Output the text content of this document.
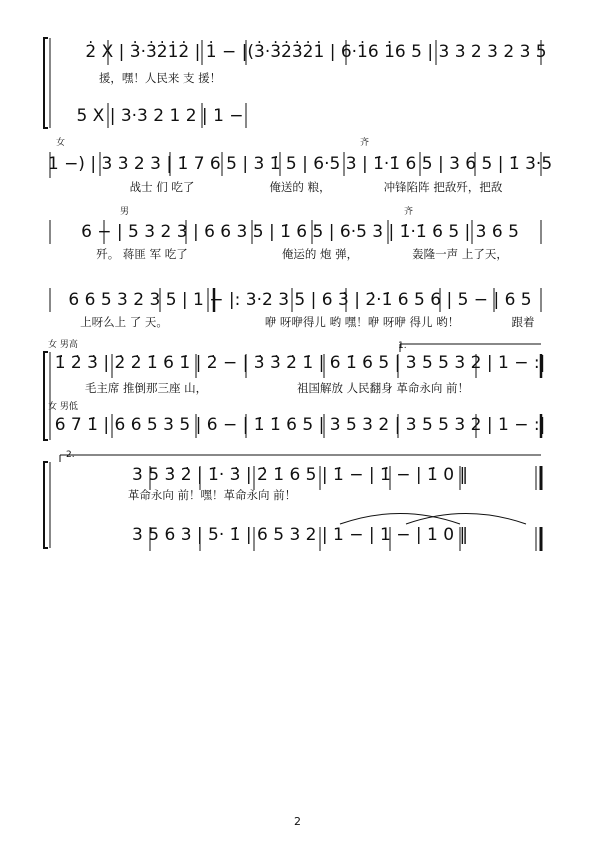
女	齐
男	齐
女 男高
女 男低
1.
2.
2̇ X | 3̇·3̇2̇1̇2̇ | 1̇ − |(3̇·3̇2̇3̇2̇1̇ | 6·1̇6 1̇6 5 | 3 3 2 3 2 3 5
援，嘿！人民来 支 援！
5 X | 3·3 2 1 2 | 1 −
1 −) | 3 3 2 3 | 1̇ 7 6 5 | 3 1̇ 5 | 6·5 3 | 1̇·1̇ 6 5 | 3 6 5 | 1̇ 3·5
战士 们 吃了	俺送的 粮，	冲锋陷阵 把敌歼，把敌
6 − | 5 3 2 3 | 6 6 3 5 | 1̇ 6 5 | 6·5 3 | 1̇·1̇ 6 5 | 3 6 5
歼。 蒋匪 军 吃了	俺运的 炮 弹，	轰隆一声 上了天，
6 6 5 3 2 3 5 | 1 − |: 3·2 3 5 | 6 3̇ | 2̇·1̇ 6 5 6 | 5 − | 6 5
上呀么上 了 天。	咿 呀咿得儿 哟 嘿！咿 呀咿 得儿 哟！	跟着
1̇ 2̇ 3̇ | 2̇ 2̇ 1̇ 6 1̇ | 2̇ − | 3̇ 3̇ 2̇ 1̇ | 6 1̇ 6 5 | 3 5 5 3 2 | 1 − :|
毛主席 推倒那三座 山，	祖国解放 人民翻身 革命永向 前！
6 7 1̇ | 6 6 5 3 5 | 6 − | 1̇ 1̇ 6 5 | 3 5 3 2 | 3 5 5 3 2 | 1 − :|
3 5 3̇ 2̇ | 1̇· 3̇ | 2̇ 1̇ 6 5 | 1̇ − | 1̇ − | 1̇ 0 ‖
革命永向 前！嘿！革命永向 前！
3 5 6 3 | 5· 1̇ | 6 5 3 2 | 1 − | 1 − | 1 0 ‖
2
